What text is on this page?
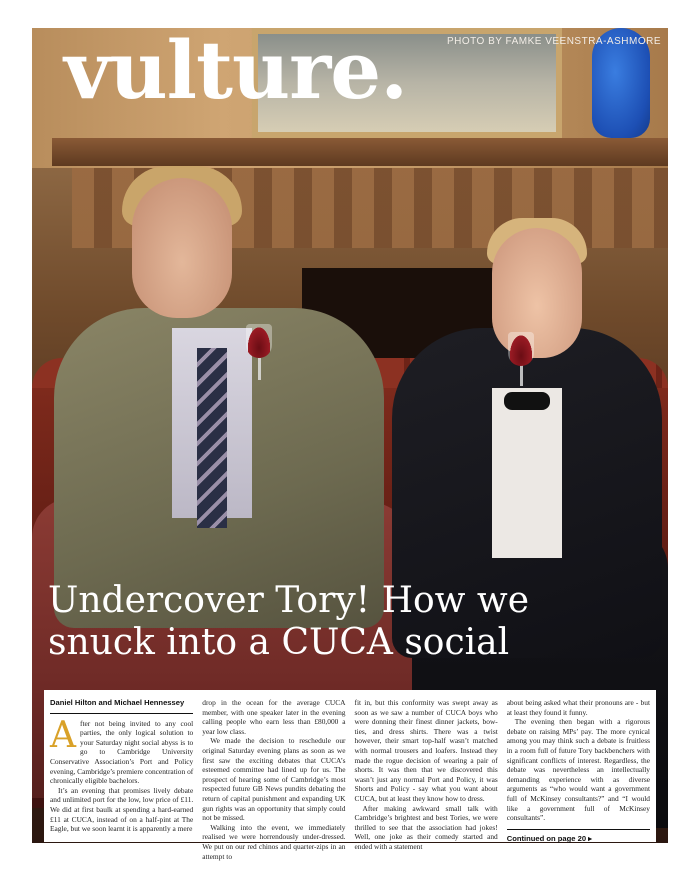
vulture.	PHOTO BY FAMKE VEENSTRA-ASHMORE
Undercover Tory! How we
snuck into a CUCA social
Daniel Hilton and Michael Hennessey

After not being invited to any cool parties, the only logical solution to your Saturday night social abyss is to go to Cambridge University Conservative Association’s Port and Policy evening, Cambridge’s premiere concentration of chronically eligible bachelors.

It’s an evening that promises lively debate and unlimited port for the low, low price of £11. We did at first baulk at spending a hard-earned £11 at CUCA, instead of on a half-pint at The Eagle, but we soon learnt it is apparently a mere

drop in the ocean for the average CUCA member, with one speaker later in the evening calling people who earn less than £80,000 a year low class.

We made the decision to reschedule our original Saturday evening plans as soon as we first saw the exciting debates that CUCA’s esteemed committee had lined up for us. The prospect of hearing some of Cambridge’s most respected future GB News pundits debating the return of capital punishment and expanding UK gun rights was an opportunity that simply could not be missed.

Walking into the event, we immediately realised we were horrendously under-dressed. We put on our red chinos and quarter-zips in an attempt to

fit in, but this conformity was swept away as soon as we saw a number of CUCA boys who were donning their finest dinner jackets, bow-ties, and dress shirts. There was a twist however, their smart top-half wasn’t matched with normal trousers and loafers. Instead they made the rogue decision of wearing a pair of shorts. It was then that we discovered this wasn’t just any normal Port and Policy, it was Shorts and Policy - say what you want about CUCA, but at least they know how to dress.

After making awkward small talk with Cambridge’s brightest and best Tories, we were thrilled to see that the association had jokes! Well, one joke as their comedy started and ended with a statement

about being asked what their pronouns are - but at least they found it funny.

The evening then began with a rigorous debate on raising MPs’ pay. The more cynical among you may think such a debate is fruitless in a room full of future Tory backbenchers with significant conflicts of interest. Regardless, the debate was nevertheless an intellectually demanding experience with as diverse arguments as “who would want a government full of McKinsey consultants?” and “I would like a government full of McKinsey consultants”.

Continued on page 20 ▸
